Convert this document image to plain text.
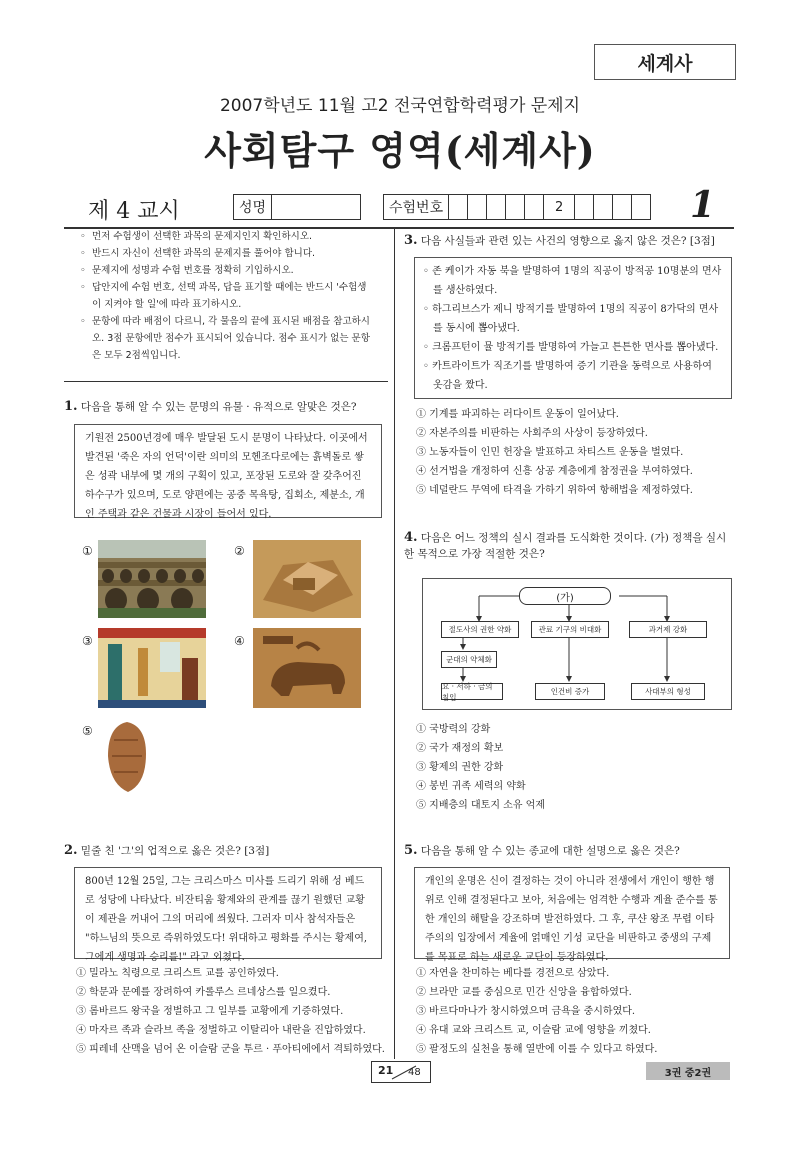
세계사
2007학년도 11월 고2 전국연합학력평가 문제지
사회탐구 영역(세계사)
제 4 교시	성명	수험번호	2	1
◦ 먼저 수험생이 선택한 과목의 문제지인지 확인하시오.
◦ 반드시 자신이 선택한 과목의 문제지를 풀어야 합니다.
◦ 문제지에 성명과 수험 번호를 정확히 기입하시오.
◦ 답안지에 수험 번호, 선택 과목, 답을 표기할 때에는 반드시 '수험생이 지켜야 할 일'에 따라 표기하시오.
◦ 문항에 따라 배점이 다르니, 각 물음의 끝에 표시된 배점을 참고하시오. 3점 문항에만 점수가 표시되어 있습니다. 점수 표시가 없는 문항은 모두 2점씩입니다.
1. 다음을 통해 알 수 있는 문명의 유물 · 유적으로 알맞은 것은?
기원전 2500년경에 매우 발달된 도시 문명이 나타났다. 이곳에서 발견된 '죽은 자의 언덕'이란 의미의 모헨조다로에는 흙벽돌로 쌓은 성곽 내부에 몇 개의 구획이 있고, 포장된 도로와 잘 갖추어진 하수구가 있으며, 도로 양편에는 공중 목욕탕, 집회소, 제분소, 개인 주택과 같은 건물과 시장이 들어서 있다.
①	②
③	④
⑤
2. 밑줄 친 '그'의 업적으로 옳은 것은? [3점]
800년 12월 25일, 그는 크리스마스 미사를 드리기 위해 성 베드로 성당에 나타났다. 비잔티움 황제와의 관계를 끊기 원했던 교황이 제관을 꺼내어 그의 머리에 씌웠다. 그러자 미사 참석자들은 "하느님의 뜻으로 즉위하였도다! 위대하고 평화를 주시는 황제여, 그에게 생명과 승리를!" 라고 외쳤다.
① 밀라노 칙령으로 크리스트 교를 공인하였다.
② 학문과 문예를 장려하여 카롤루스 르네상스를 일으켰다.
③ 롬바르드 왕국을 정벌하고 그 일부를 교황에게 기증하였다.
④ 마자르 족과 슬라브 족을 정벌하고 이탈리아 내란을 진압하였다.
⑤ 피레네 산맥을 넘어 온 이슬람 군을 투르 · 푸아티에에서 격퇴하였다.
3. 다음 사실들과 관련 있는 사건의 영향으로 옳지 않은 것은? [3점]
◦ 존 케이가 자동 북을 발명하여 1명의 직공이 방적공 10명분의 면사를 생산하였다.
◦ 하그리브스가 제니 방적기를 발명하여 1명의 직공이 8가닥의 면사를 동시에 뽑아냈다.
◦ 크롬프턴이 뮬 방적기를 발명하여 가늘고 튼튼한 면사를 뽑아냈다.
◦ 카트라이트가 직조기를 발명하여 증기 기관을 동력으로 사용하여 옷감을 짰다.
① 기계를 파괴하는 러다이트 운동이 일어났다.
② 자본주의를 비판하는 사회주의 사상이 등장하였다.
③ 노동자들이 인민 헌장을 발표하고 차티스트 운동을 벌였다.
④ 선거법을 개정하여 신흥 상공 계층에게 참정권을 부여하였다.
⑤ 네덜란드 무역에 타격을 가하기 위하여 항해법을 제정하였다.
4. 다음은 어느 정책의 실시 결과를 도식화한 것이다. (가) 정책을 실시한 목적으로 가장 적절한 것은?
(가)
절도사의 권한 약화	관료 기구의 비대화	과거제 강화
군대의 약체화
요 · 서하 · 금의 침입
인건비 증가	사대부의 형성
① 국방력의 강화
② 국가 재정의 확보
③ 황제의 권한 강화
④ 봉빈 귀족 세력의 약화
⑤ 지배층의 대토지 소유 억제
5. 다음을 통해 알 수 있는 종교에 대한 설명으로 옳은 것은?
개인의 운명은 신이 결정하는 것이 아니라 전생에서 개인이 행한 행위로 인해 결정된다고 보아, 처음에는 엄격한 수행과 계율 준수를 통한 개인의 해탈을 강조하며 발전하였다. 그 후, 쿠샨 왕조 무렵 이타주의의 입장에서 계율에 얽매인 기성 교단을 비판하고 중생의 구제를 목표로 하는 새로운 교단이 등장하였다.
① 자연을 찬미하는 베다를 경전으로 삼았다.
② 브라만 교를 중심으로 민간 신앙을 융합하였다.
③ 바르다마나가 창시하였으며 금욕을 중시하였다.
④ 유대 교와 크리스트 교, 이슬람 교에 영향을 끼쳤다.
⑤ 팔정도의 실천을 통해 열반에 이를 수 있다고 하였다.
21 48	3권 중2권
